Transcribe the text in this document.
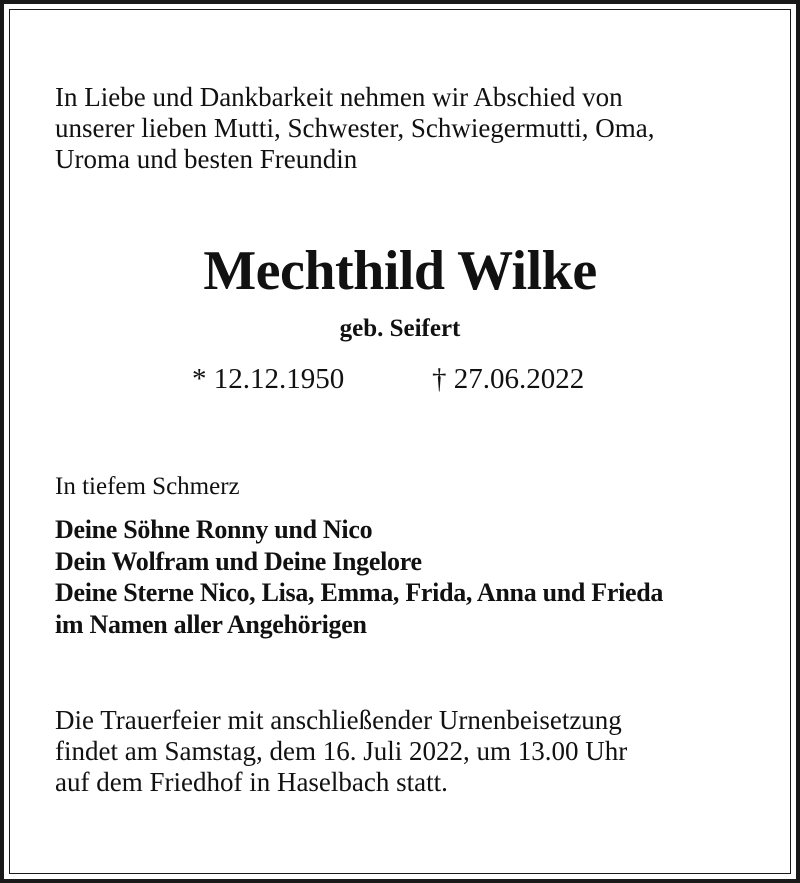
In Liebe und Dankbarkeit nehmen wir Abschied von
unserer lieben Mutti, Schwester, Schwiegermutti, Oma,
Uroma und besten Freundin
Mechthild Wilke
geb. Seifert
* 12.12.1950	† 27.06.2022
In tiefem Schmerz
Deine Söhne Ronny und Nico
Dein Wolfram und Deine Ingelore
Deine Sterne Nico, Lisa, Emma, Frida, Anna und Frieda
im Namen aller Angehörigen
Die Trauerfeier mit anschließender Urnenbeisetzung
findet am Samstag, dem 16. Juli 2022, um 13.00 Uhr
auf dem Friedhof in Haselbach statt.
